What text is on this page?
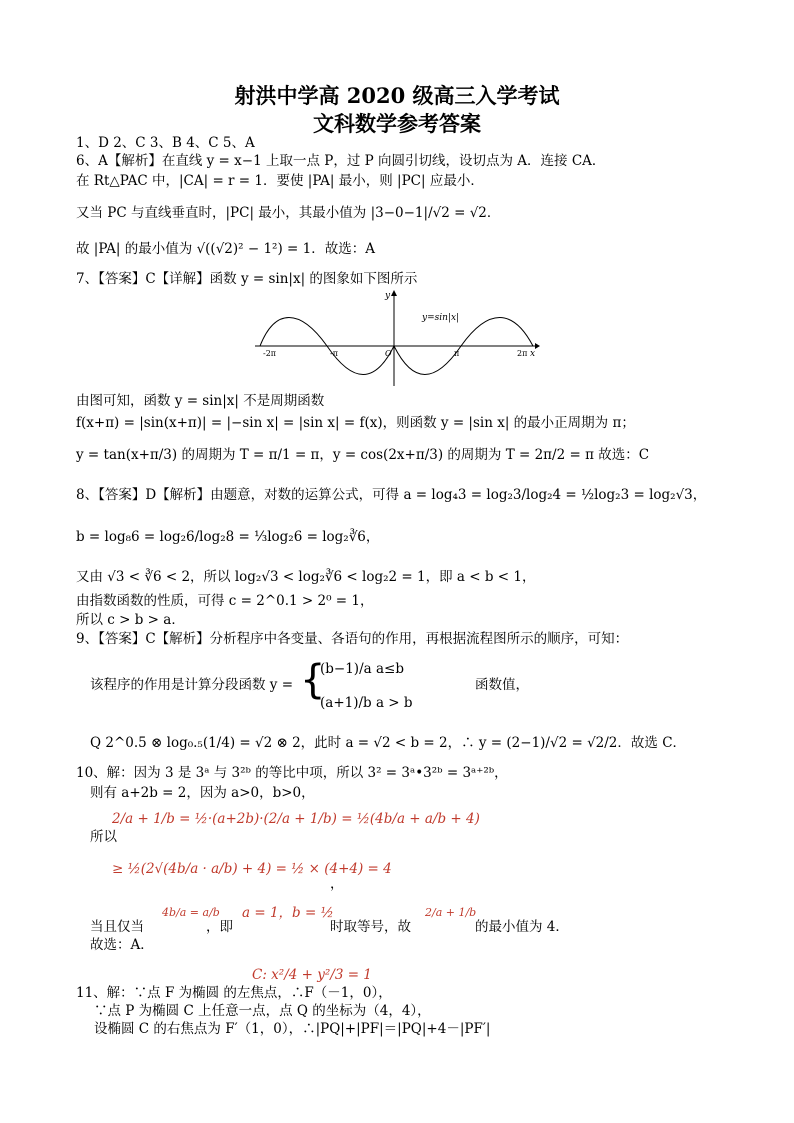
射洪中学高 2020 级高三入学考试
文科数学参考答案
1、D 2、C 3、B 4、C 5、A
6、A【解析】在直线 y = x−1 上取一点 P，过 P 向圆引切线，设切点为 A．连接 CA．
在 Rt△PAC 中，|CA| = r = 1．要使 |PA| 最小，则 |PC| 应最小．
又当 PC 与直线垂直时，|PC| 最小，其最小值为 |3−0−1|/√2 = √2．
故 |PA| 的最小值为 √((√2)² − 1²) = 1．故选：A
7、【答案】C【详解】函数 y = sin|x| 的图象如下图所示
y=sin|x|
y
x
-2π	-π	O	π	2π
由图可知，函数 y = sin|x| 不是周期函数
f(x+π) = |sin(x+π)| = |−sin x| = |sin x| = f(x)，则函数 y = |sin x| 的最小正周期为 π；
y = tan(x+π/3) 的周期为 T = π/1 = π，y = cos(2x+π/3) 的周期为 T = 2π/2 = π 故选：C
8、【答案】D【解析】由题意，对数的运算公式，可得 a = log₄3 = log₂3/log₂4 = ½log₂3 = log₂√3，
b = log₈6 = log₂6/log₂8 = ⅓log₂6 = log₂∛6，
又由 √3 < ∛6 < 2，所以 log₂√3 < log₂∛6 < log₂2 = 1，即 a < b < 1，
由指数函数的性质，可得 c = 2^0.1 > 2⁰ = 1，
所以 c > b > a．
9、【答案】C【解析】分析程序中各变量、各语句的作用，再根据流程图所示的顺序，可知：
该程序的作用是计算分段函数 y = {
(b−1)/a a≤b
(a+1)/b a > b
函数值，
Q 2^0.5 ⊗ log₀.₅(1/4) = √2 ⊗ 2，此时 a = √2 < b = 2，∴ y = (2−1)/√2 = √2/2．故选 C．
10、解：因为 3 是 3ᵃ 与 3²ᵇ 的等比中项，所以 3² = 3ᵃ•3²ᵇ = 3ᵃ⁺²ᵇ，
则有 a+2b = 2，因为 a>0，b>0，
2/a + 1/b = ½·(a+2b)·(2/a + 1/b) = ½(4b/a + a/b + 4)
所以
≥ ½(2√(4b/a · a/b) + 4) = ½ × (4+4) = 4
，
当且仅当
4b/a = a/b
，即
a = 1，b = ½
时取等号，故
2/a + 1/b
的最小值为 4．
故选：A．
C: x²/4 + y²/3 = 1
11、解：∵点 F 为椭圆 的左焦点，∴F（－1，0），
∵点 P 为椭圆 C 上任意一点，点 Q 的坐标为（4，4），
设椭圆 C 的右焦点为 F′（1，0），∴|PQ|+|PF|＝|PQ|+4－|PF′|
